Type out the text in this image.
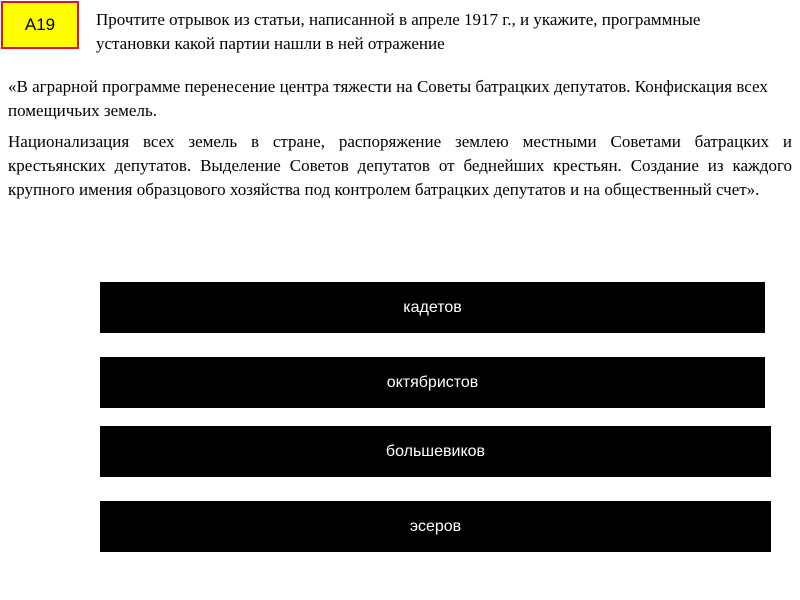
A19 Прочтите отрывок из статьи, написанной в апреле 1917 г., и укажите, программные установки какой партии нашли в ней отражение
«В аграрной программе перенесение центра тяжести на Советы батрацких депутатов. Конфискация всех помещичьих земель.
Национализация всех земель в стране, распоряжение землею местными Советами батрацких и крестьянских депутатов. Выделение Советов депутатов от беднейших крестьян. Создание из каждого крупного имения образцового хозяйства под контролем батрацких депутатов и на общественный счет».
кадетов
октябристов
большевиков
эсеров
